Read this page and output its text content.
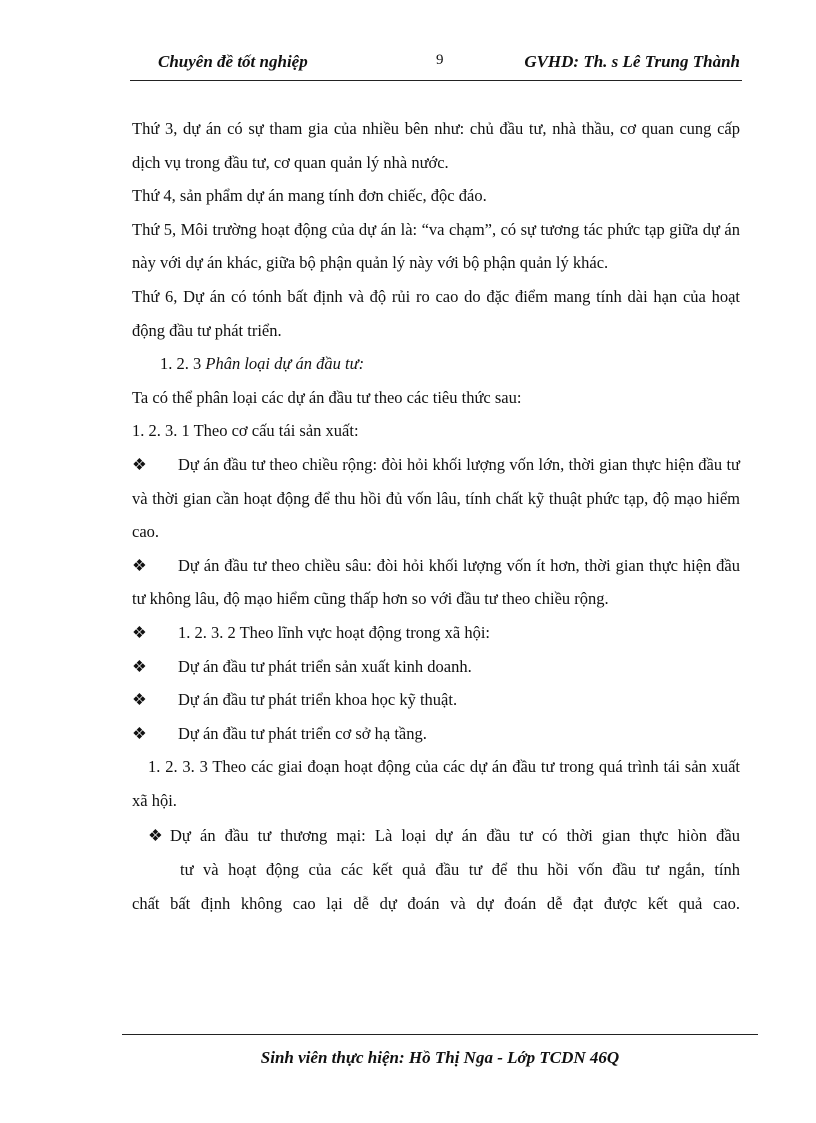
Chuyên đề tốt nghiệp	9	GVHD: Th. s Lê Trung Thành

Thứ 3, dự án có sự tham gia của nhiều bên như: chủ đầu tư, nhà thầu, cơ quan cung cấp dịch vụ trong đầu tư, cơ quan quản lý nhà nước.

Thứ 4, sản phẩm dự án mang tính đơn chiếc, độc đáo.

Thứ 5, Môi trường hoạt động của dự án là: “va chạm”, có sự tương tác phức tạp giữa dự án này với dự án khác, giữa bộ phận quản lý này với bộ phận quản lý khác.

Thứ 6, Dự án có tónh bất định và độ rủi ro cao do đặc điểm mang tính dài hạn của hoạt động đầu tư phát triển.

1. 2. 3 Phân loại dự án đầu tư:

Ta có thể phân loại các dự án đầu tư theo các tiêu thức sau:

1. 2. 3. 1 Theo cơ cấu tái sản xuất:

❖ Dự án đầu tư theo chiều rộng: đòi hỏi khối lượng vốn lớn, thời gian thực hiện đầu tư và thời gian cần hoạt động để thu hồi đủ vốn lâu, tính chất kỹ thuật phức tạp, độ mạo hiểm cao.

❖ Dự án đầu tư theo chiều sâu: đòi hỏi khối lượng vốn ít hơn, thời gian thực hiện đầu tư không lâu, độ mạo hiểm cũng thấp hơn so với đầu tư theo chiều rộng.

❖ 1. 2. 3. 2 Theo lĩnh vực hoạt động trong xã hội:

❖ Dự án đầu tư phát triển sản xuất kinh doanh.

❖ Dự án đầu tư phát triển khoa học kỹ thuật.

❖ Dự án đầu tư phát triển cơ sở hạ tầng.

1. 2. 3. 3 Theo các giai đoạn hoạt động của các dự án đầu tư trong quá trình tái sản xuất xã hội.

❖ Dự án đầu tư thương mại: Là loại dự án đầu tư có thời gian thực hiòn đầu

tư và hoạt động của các kết quả đầu tư để thu hồi vốn đầu tư ngắn, tính

chất bất định không cao lại dễ dự đoán và dự đoán dễ đạt được kết quả cao.

Sinh viên thực hiện: Hồ Thị Nga - Lớp TCDN 46Q
